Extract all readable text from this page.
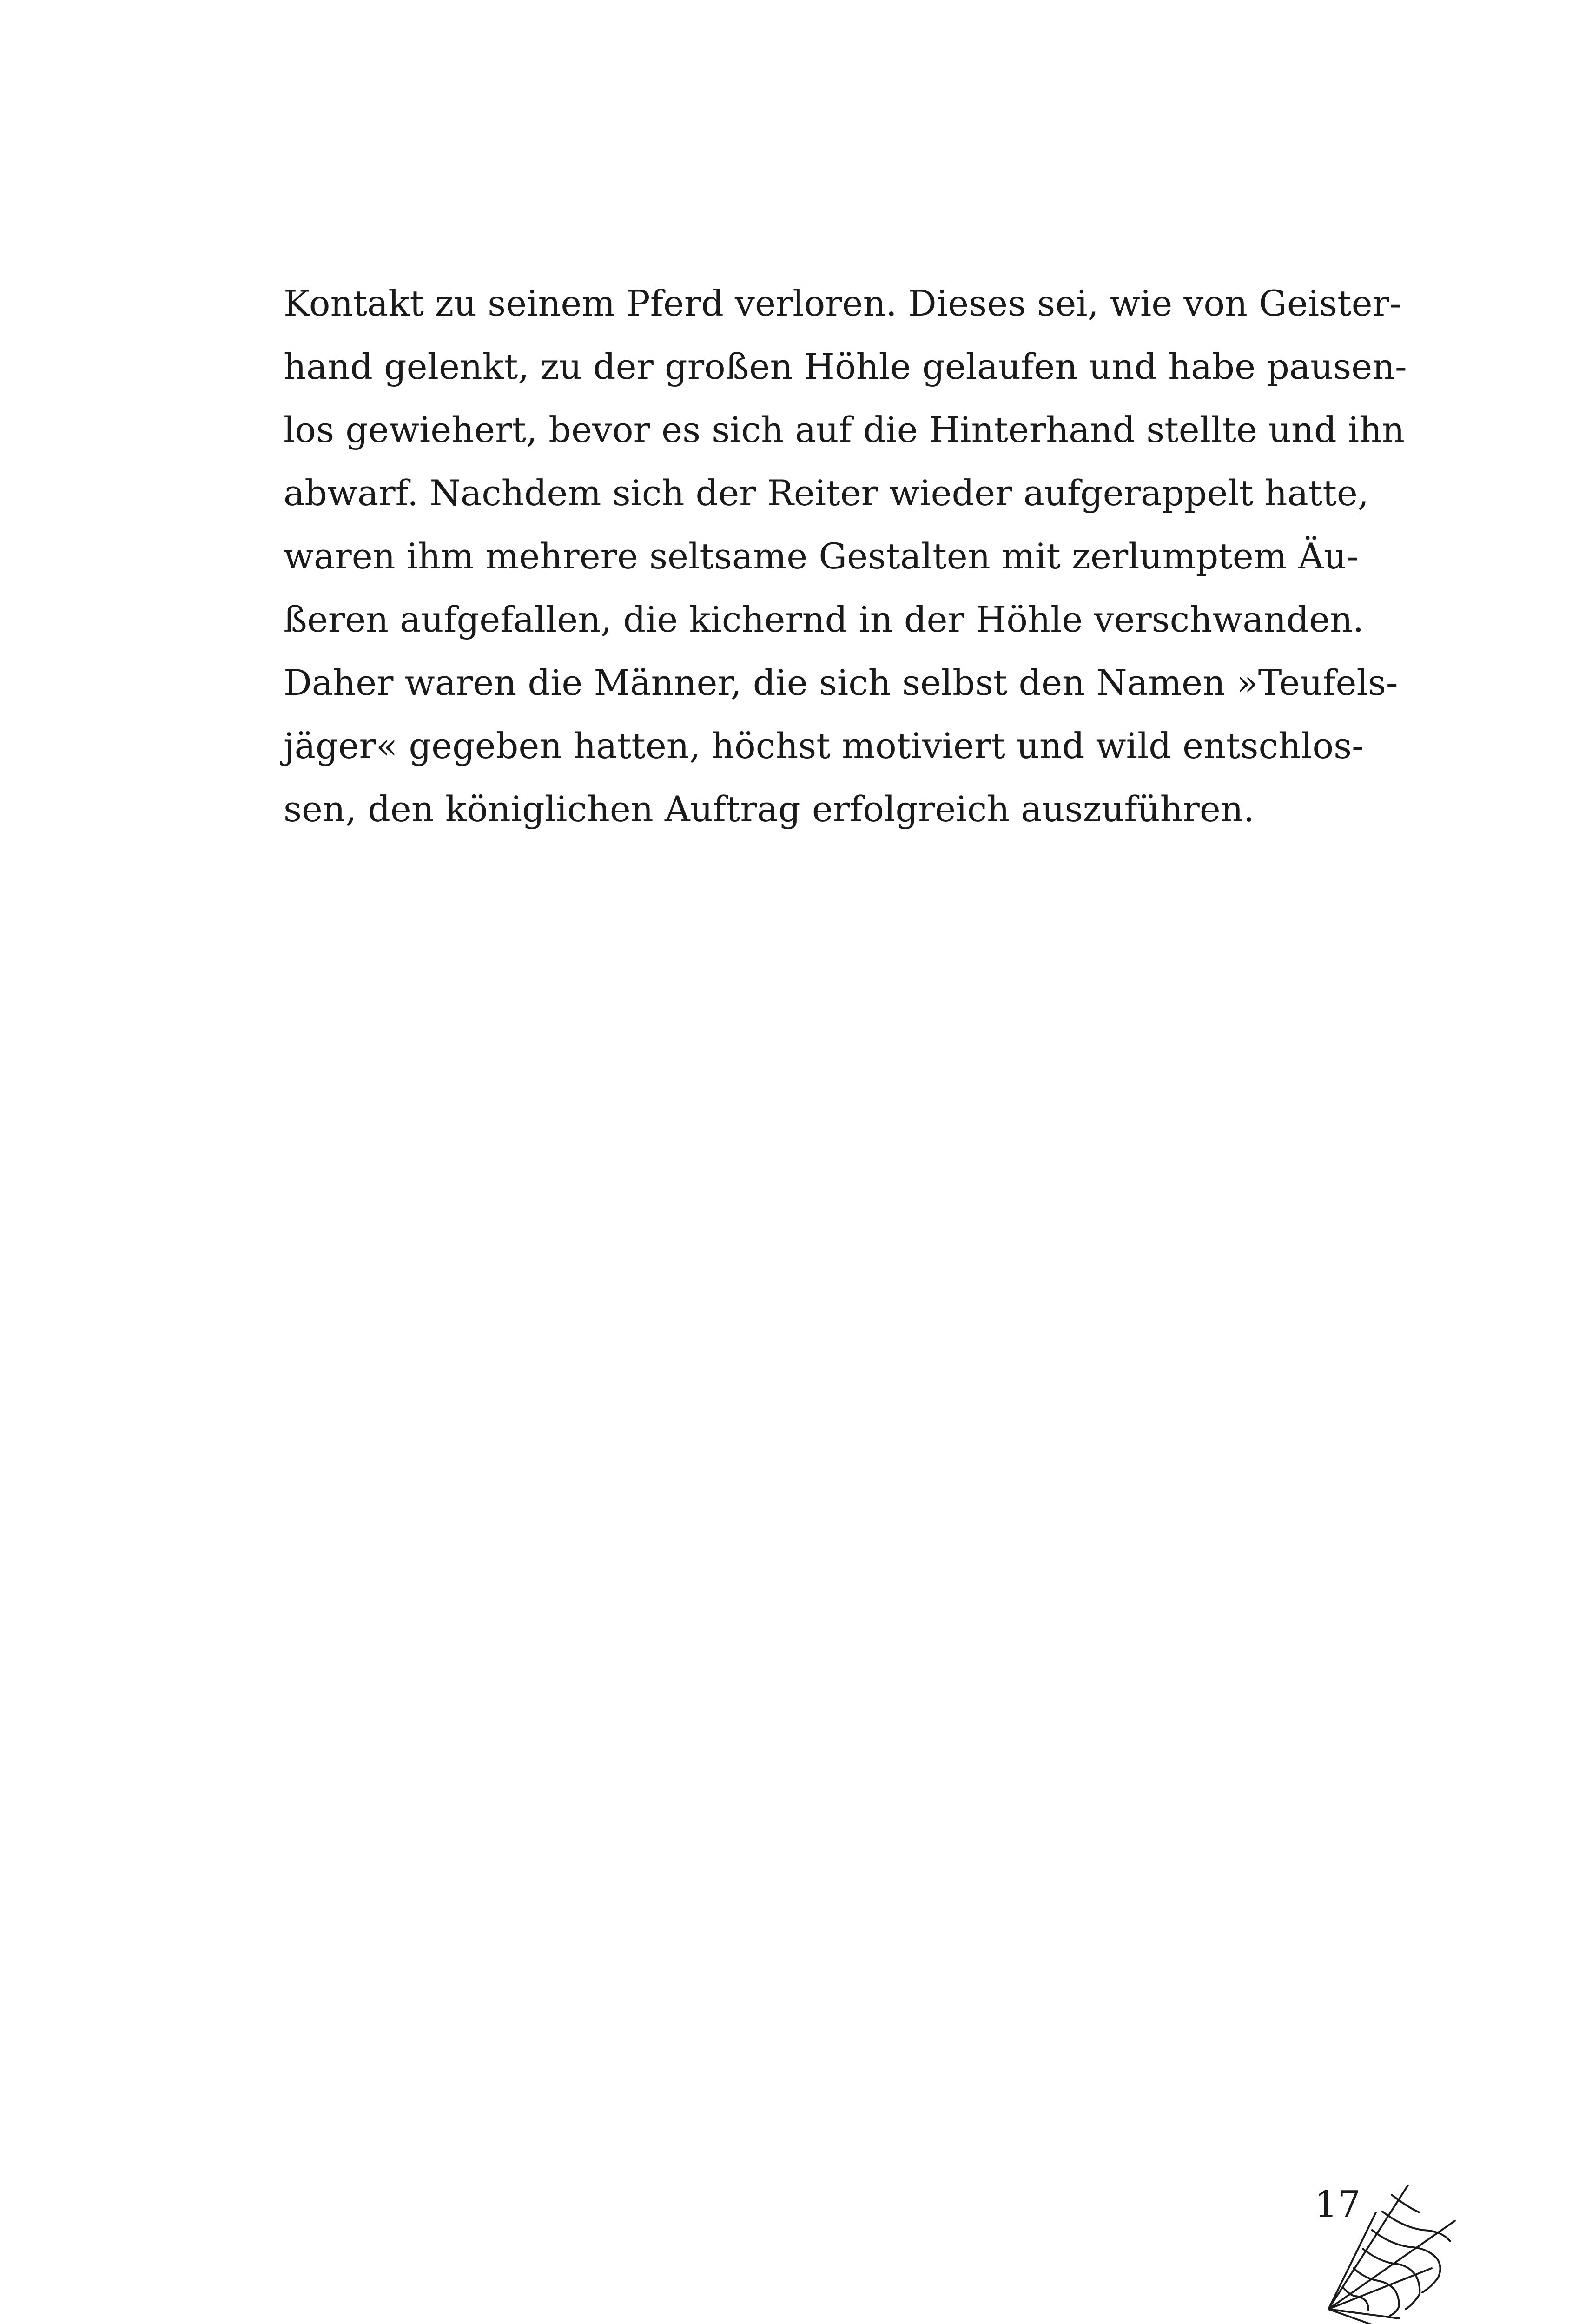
Kontakt zu seinem Pferd verloren. Dieses sei, wie von Geister-
hand gelenkt, zu der großen Höhle gelaufen und habe pausen-
los gewiehert, bevor es sich auf die Hinterhand stellte und ihn
abwarf. Nachdem sich der Reiter wieder aufgerappelt hatte,
waren ihm mehrere seltsame Gestalten mit zerlumptem Äu-
ßeren aufgefallen, die kichernd in der Höhle verschwanden.
Daher waren die Männer, die sich selbst den Namen »Teufels-
jäger« gegeben hatten, höchst motiviert und wild entschlos-
sen, den königlichen Auftrag erfolgreich auszuführen.

17
